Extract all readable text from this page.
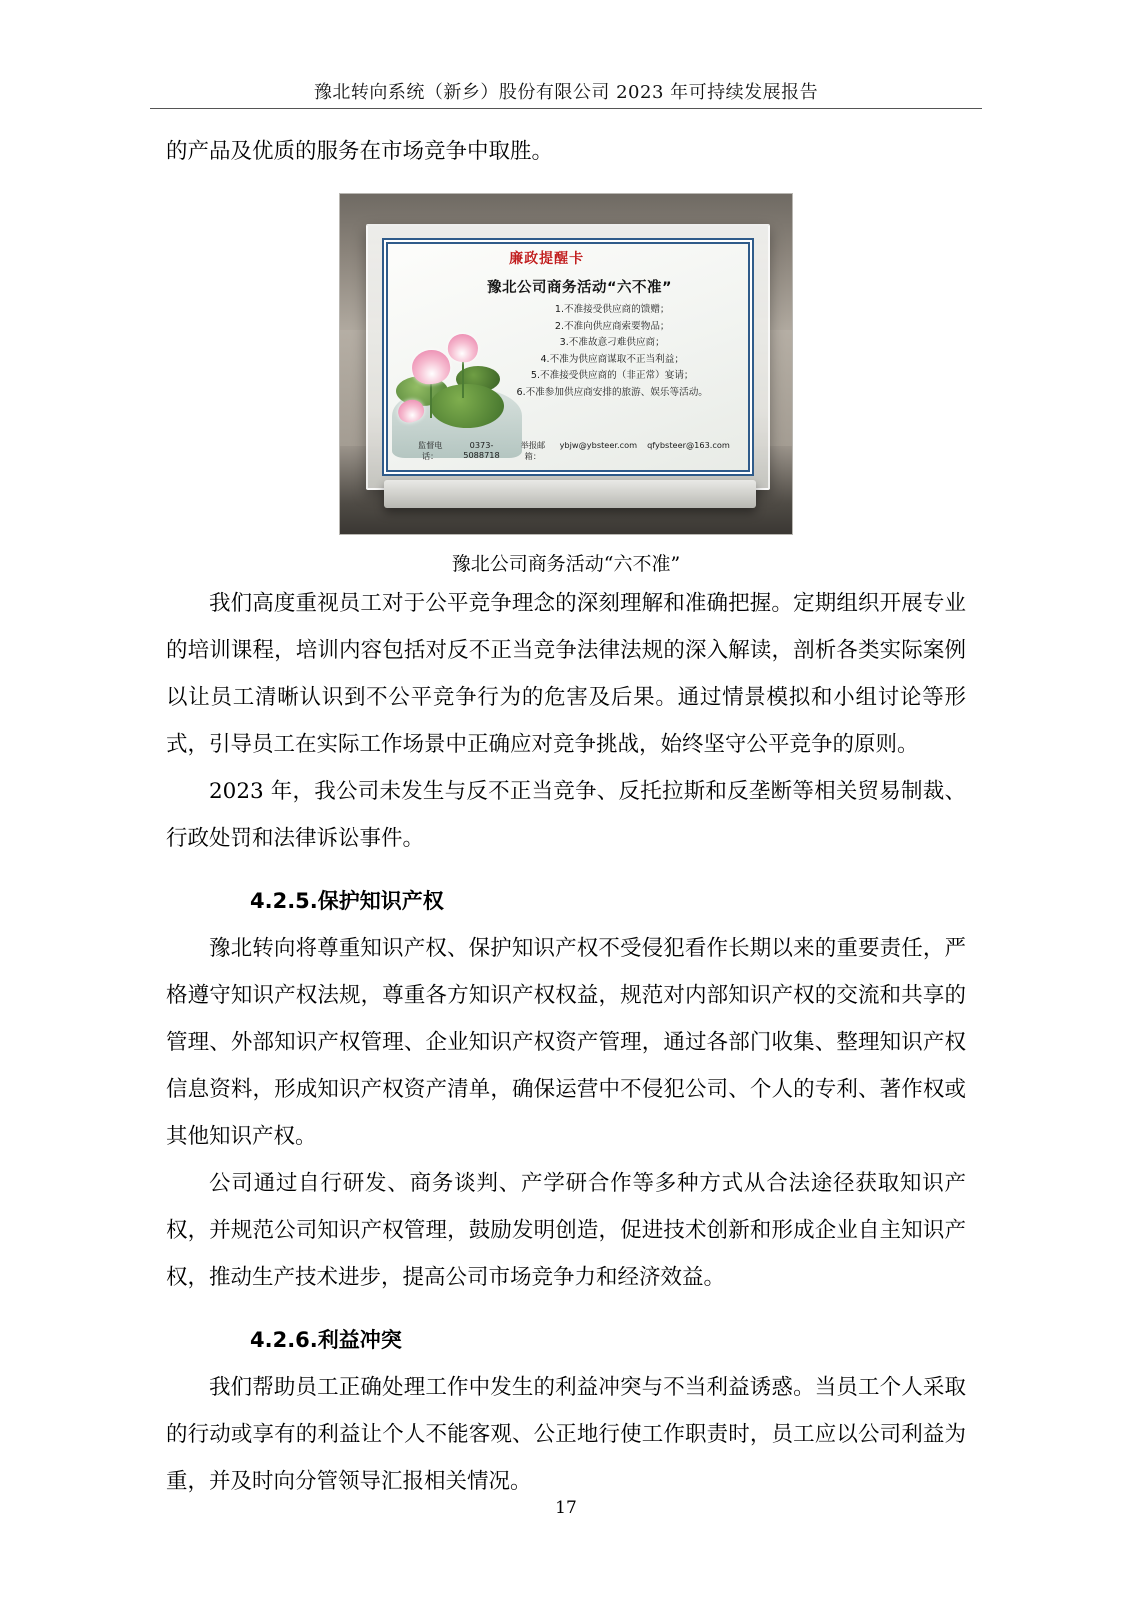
豫北转向系统（新乡）股份有限公司 2023 年可持续发展报告

的产品及优质的服务在市场竞争中取胜。

廉政提醒卡
豫北公司商务活动“六不准”
1.不准接受供应商的馈赠；
2.不准向供应商索要物品；
3.不准故意刁难供应商；
4.不准为供应商谋取不正当利益；
5.不准接受供应商的（非正常）宴请；
6.不准参加供应商安排的旅游、娱乐等活动。
监督电话：
0373-5088718
举报邮箱：
ybjw@ybsteer.com qfybsteer@163.com
豫北公司商务活动“六不准”

我们高度重视员工对于公平竞争理念的深刻理解和准确把握。定期组织开展专业的培训课程，培训内容包括对反不正当竞争法律法规的深入解读，剖析各类实际案例以让员工清晰认识到不公平竞争行为的危害及后果。通过情景模拟和小组讨论等形式，引导员工在实际工作场景中正确应对竞争挑战，始终坚守公平竞争的原则。

2023 年，我公司未发生与反不正当竞争、反托拉斯和反垄断等相关贸易制裁、行政处罚和法律诉讼事件。

4.2.5.保护知识产权

豫北转向将尊重知识产权、保护知识产权不受侵犯看作长期以来的重要责任，严格遵守知识产权法规，尊重各方知识产权权益，规范对内部知识产权的交流和共享的管理、外部知识产权管理、企业知识产权资产管理，通过各部门收集、整理知识产权信息资料，形成知识产权资产清单，确保运营中不侵犯公司、个人的专利、著作权或其他知识产权。

公司通过自行研发、商务谈判、产学研合作等多种方式从合法途径获取知识产权，并规范公司知识产权管理，鼓励发明创造，促进技术创新和形成企业自主知识产权，推动生产技术进步，提高公司市场竞争力和经济效益。

4.2.6.利益冲突

我们帮助员工正确处理工作中发生的利益冲突与不当利益诱惑。当员工个人采取的行动或享有的利益让个人不能客观、公正地行使工作职责时，员工应以公司利益为重，并及时向分管领导汇报相关情况。

17
